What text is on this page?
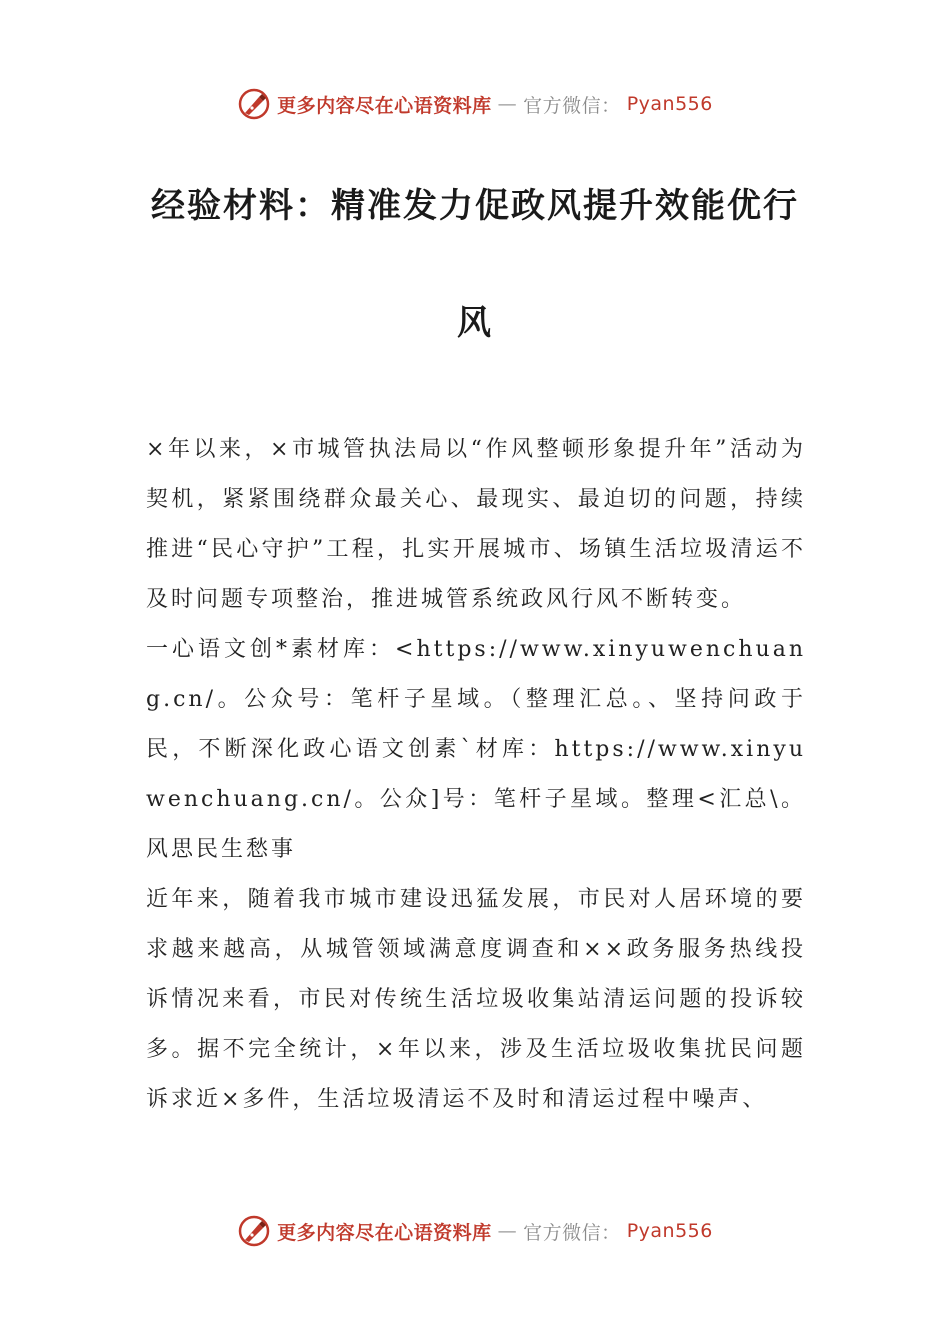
更多内容尽在心语资料库 — 官方微信： Pyan556
经验材料：精准发力促政风提升效能优行
风

×年以来，×市城管执法局以“作风整顿形象提升年”活动为契机，紧紧围绕群众最关心、最现实、最迫切的问题，持续推进“民心守护”工程，扎实开展城市、场镇生活垃圾清运不及时问题专项整治，推进城管系统政风行风不断转变。

一心语文创*素材库：<https://www.xinyuwenchuang.cn/。公众号：笔杆子星域。（整理汇总。、坚持问政于民，不断深化政心语文创素`材库：https://www.xinyuwenchuang.cn/。公众]号：笔杆子星域。整理<汇总\。风思民生愁事

近年来，随着我市城市建设迅猛发展，市民对人居环境的要求越来越高，从城管领域满意度调查和××政务服务热线投诉情况来看，市民对传统生活垃圾收集站清运问题的投诉较多。据不完全统计，×年以来，涉及生活垃圾收集扰民问题诉求近×多件，生活垃圾清运不及时和清运过程中噪声、

更多内容尽在心语资料库 — 官方微信： Pyan556
